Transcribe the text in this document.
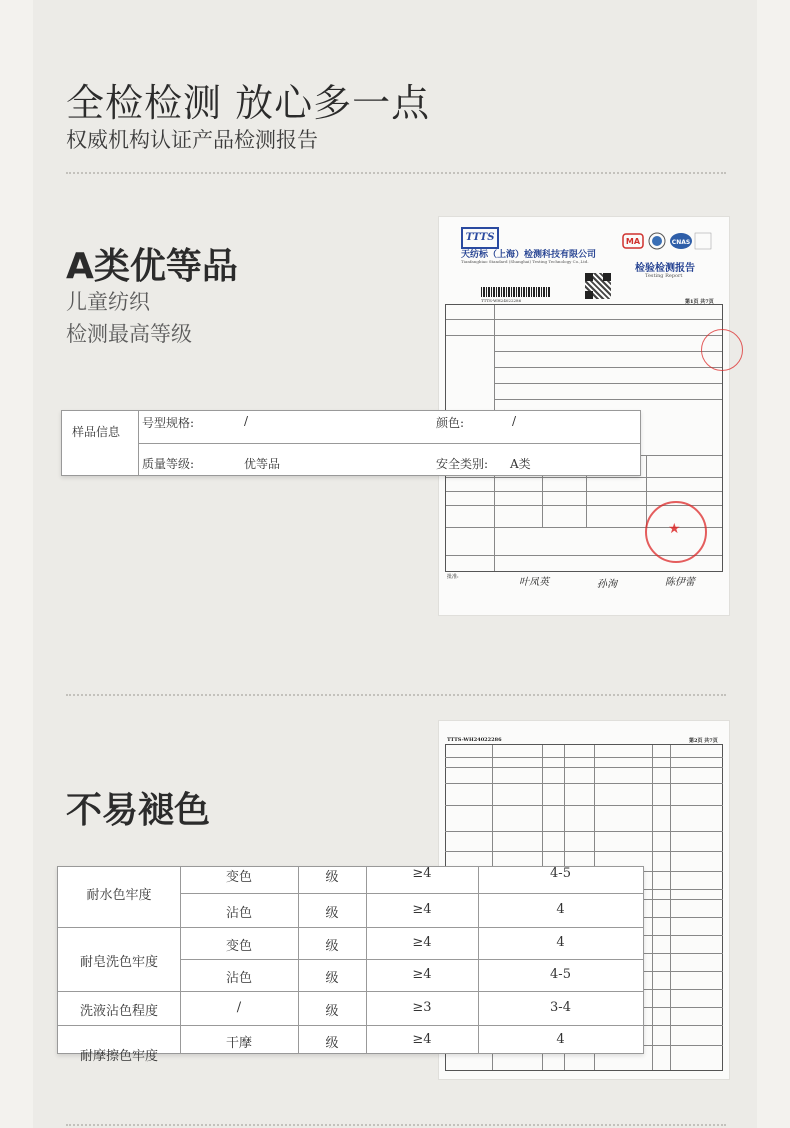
全检检测 放心多一点
权威机构认证产品检测报告
A类优等品
儿童纺织
检测最高等级
TTTS
天纺标（上海）检测科技有限公司
Tianfangbiao Standard (Shanghai) Testing Technology Co.,Ltd.
MA	CNAS
检验检测报告
Testing Report
TTTS-WH24022286	第1页 共7页
★
批准:	叶凤英	孙洵	陈伊蕾
样品信息
号型规格:	/	颜色:	/
质量等级:	优等品	安全类别: A类
不易褪色
TTTS-WH24022286	第2页 共7页
耐水色牢度
变色	级	≥4	4-5
沾色	级	≥4	4
耐皂洗色牢度
变色	级	≥4	4
沾色	级	≥4	4-5
洗液沾色程度	/	级	≥3	3-4
耐摩擦色牢度
干摩	级	≥4	4
